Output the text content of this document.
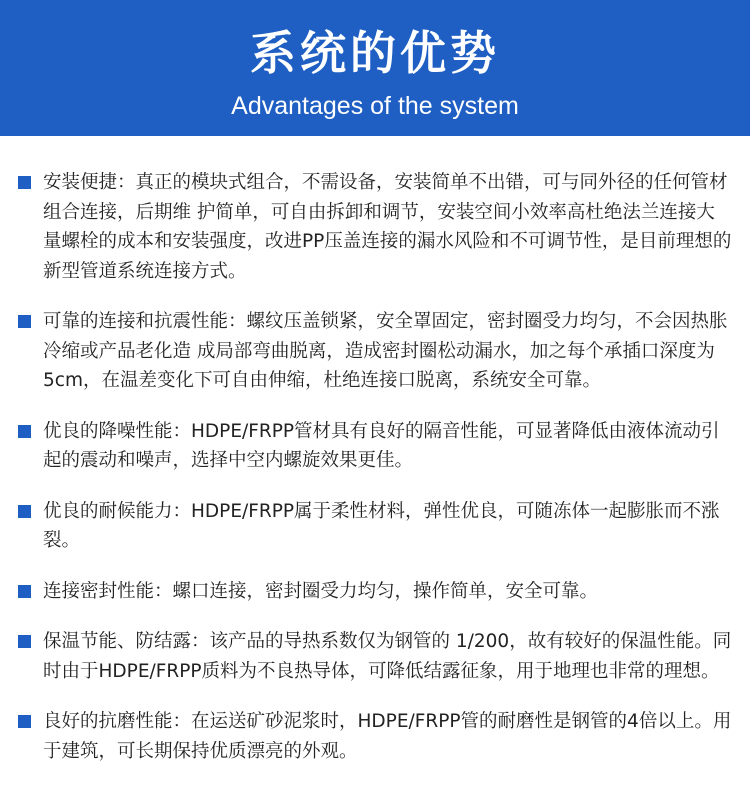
系统的优势
Advantages of the system
安装便捷：真正的模块式组合，不需设备，安装简单不出错，可与同外径的任何管材组合连接，后期维 护简单，可自由拆卸和调节，安装空间小效率高杜绝法兰连接大量螺栓的成本和安装强度，改进PP压盖连接的漏水风险和不可调节性，是目前理想的新型管道系统连接方式。
可靠的连接和抗震性能：螺纹压盖锁紧，安全罩固定，密封圈受力均匀，不会因热胀冷缩或产品老化造 成局部弯曲脱离，造成密封圈松动漏水，加之每个承插口深度为5cm，在温差变化下可自由伸缩，杜绝连接口脱离，系统安全可靠。
优良的降噪性能：HDPE/FRPP管材具有良好的隔音性能，可显著降低由液体流动引起的震动和噪声，选择中空内螺旋效果更佳。
优良的耐候能力：HDPE/FRPP属于柔性材料，弹性优良，可随冻体一起膨胀而不涨裂。
连接密封性能：螺口连接，密封圈受力均匀，操作简单，安全可靠。
保温节能、防结露：该产品的导热系数仅为钢管的 1/200，故有较好的保温性能。同时由于HDPE/FRPP质料为不良热导体，可降低结露征象，用于地理也非常的理想。
良好的抗磨性能：在运送矿砂泥浆时，HDPE/FRPP管的耐磨性是钢管的4倍以上。用于建筑，可长期保持优质漂亮的外观。
